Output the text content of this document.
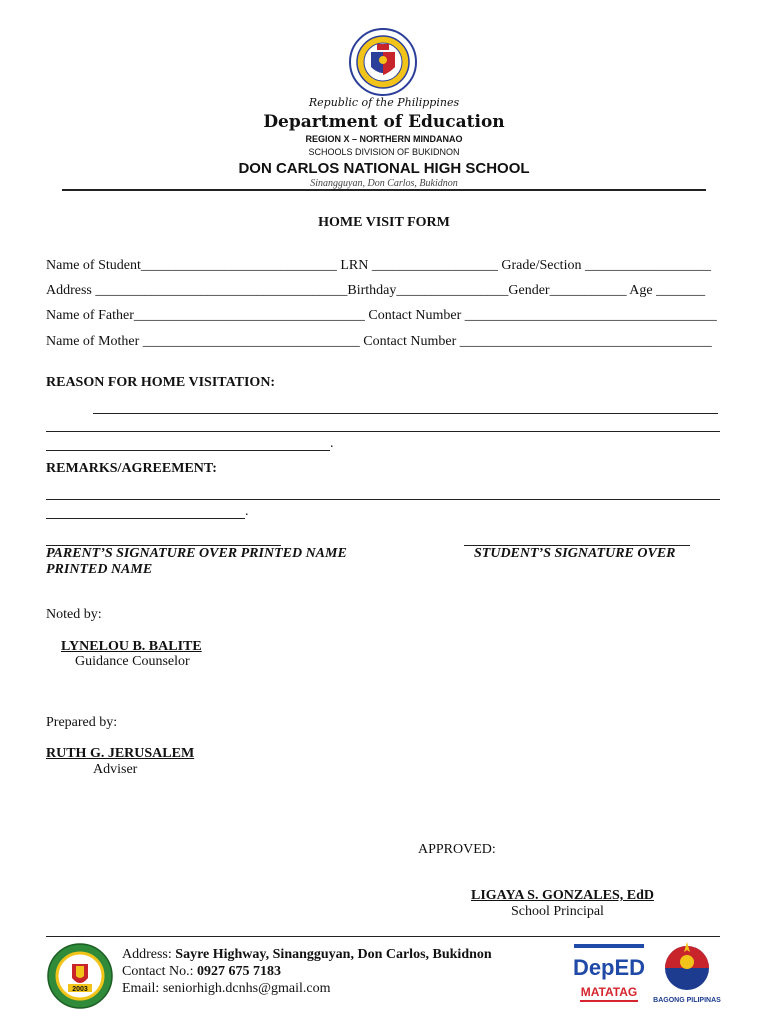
Republic of the Philippines
Department of Education
REGION X – NORTHERN MINDANAO
SCHOOLS DIVISION OF BUKIDNON
DON CARLOS NATIONAL HIGH SCHOOL
Sinangguyan, Don Carlos, Bukidnon
HOME VISIT FORM
Name of Student____________________________ LRN __________________ Grade/Section __________________
Address ____________________________________Birthday________________Gender___________ Age _______
Name of Father_________________________________ Contact Number ____________________________________
Name of Mother _______________________________ Contact Number ____________________________________
REASON FOR HOME VISITATION:
.
REMARKS/AGREEMENT:
.
PARENT’S SIGNATURE OVER PRINTED NAME	STUDENT’S SIGNATURE OVER
PRINTED NAME
Noted by:
LYNELOU B. BALITE
Guidance Counselor
Prepared by:
RUTH G. JERUSALEM
Adviser
APPROVED:
LIGAYA S. GONZALES, EdD
School Principal
2003
Address: Sayre Highway, Sinangguyan, Don Carlos, Bukidnon
Contact No.: 0927 675 7183
Email: seniorhigh.dcnhs@gmail.com
DepED
MATATAG
BAGONG PILIPINAS
